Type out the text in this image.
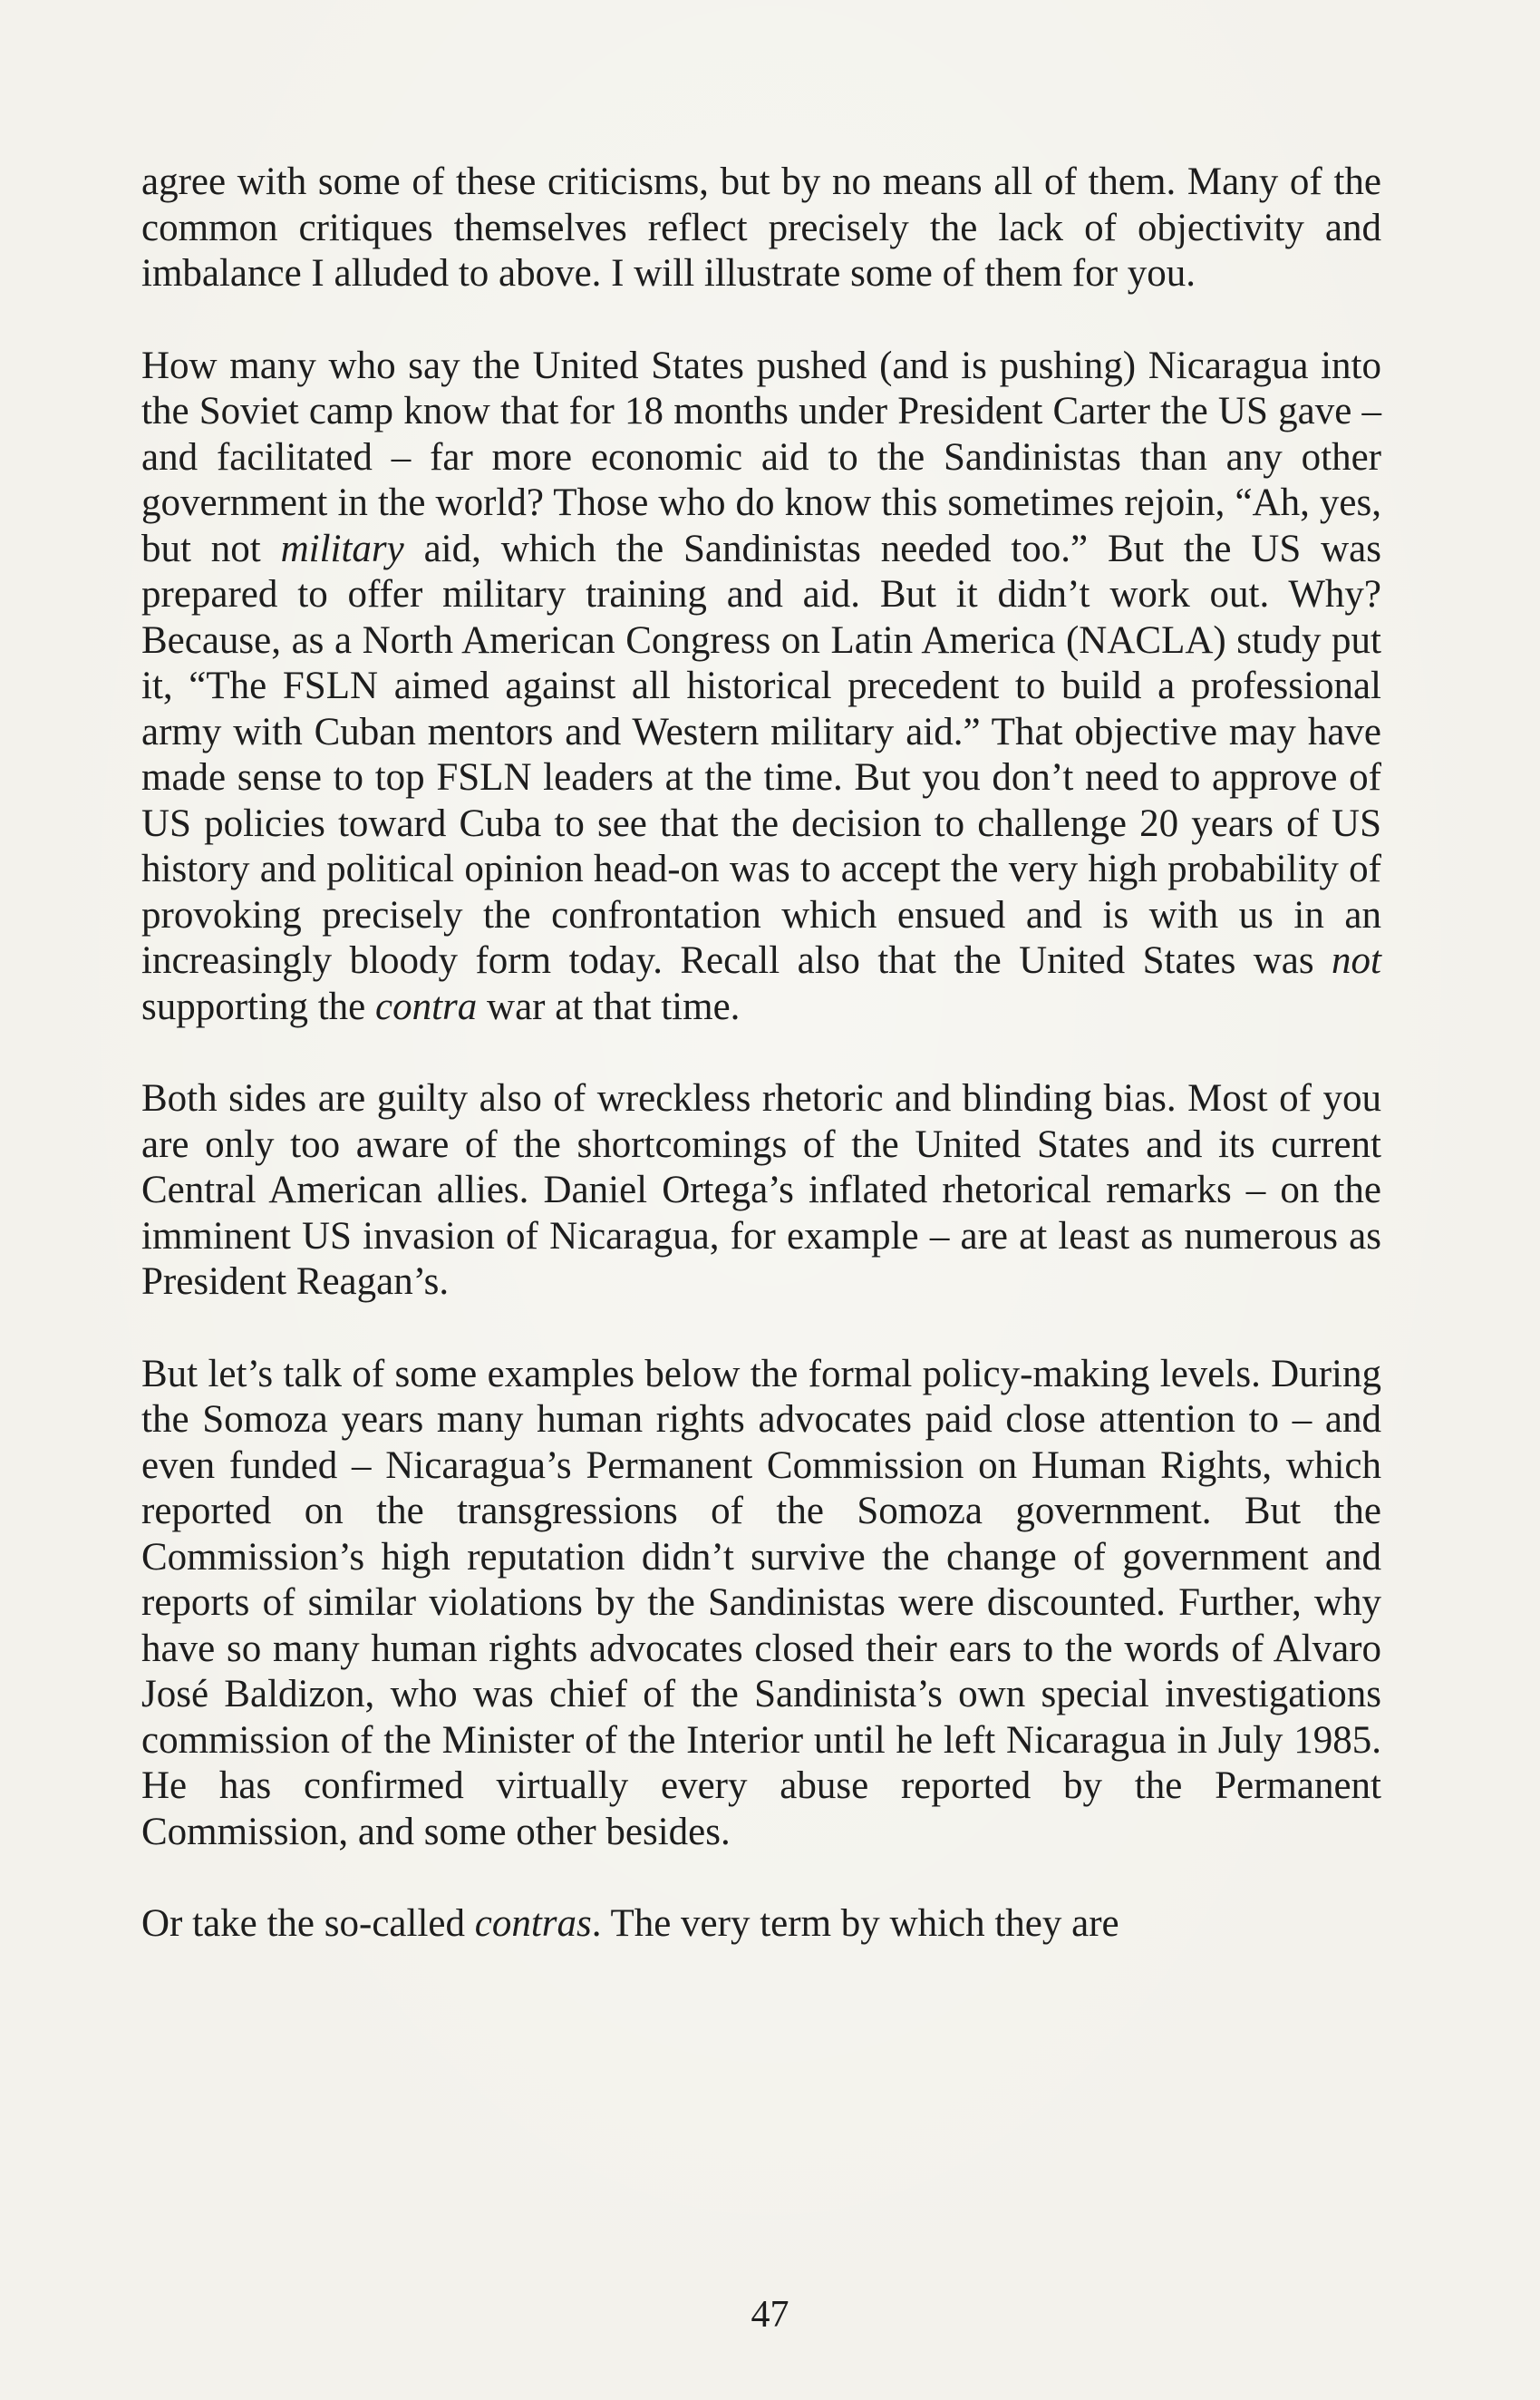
agree with some of these criticisms, but by no means all of them. Many of the common critiques themselves reflect precisely the lack of objectivity and imbalance I alluded to above. I will illustrate some of them for you.

How many who say the United States pushed (and is pushing) Nicaragua into the Soviet camp know that for 18 months under President Carter the US gave – and facilitated – far more economic aid to the Sandinistas than any other government in the world? Those who do know this sometimes rejoin, “Ah, yes, but not military aid, which the Sandinistas needed too.” But the US was prepared to offer military training and aid. But it didn’t work out. Why? Because, as a North American Congress on Latin America (NACLA) study put it, “The FSLN aimed against all historical precedent to build a professional army with Cuban mentors and Western military aid.” That objective may have made sense to top FSLN leaders at the time. But you don’t need to approve of US policies toward Cuba to see that the decision to challenge 20 years of US history and political opinion head-on was to accept the very high probability of provoking precisely the confrontation which ensued and is with us in an increasingly bloody form today. Recall also that the United States was not supporting the contra war at that time.

Both sides are guilty also of wreckless rhetoric and blinding bias. Most of you are only too aware of the shortcomings of the United States and its current Central American allies. Daniel Ortega’s inflated rhetorical remarks – on the imminent US invasion of Nicaragua, for example – are at least as numerous as President Reagan’s.

But let’s talk of some examples below the formal policy-making levels. During the Somoza years many human rights advocates paid close attention to – and even funded – Nicaragua’s Permanent Commission on Human Rights, which reported on the transgressions of the Somoza government. But the Commission’s high reputation didn’t survive the change of government and reports of similar violations by the Sandinistas were discounted. Further, why have so many human rights advocates closed their ears to the words of Alvaro José Baldizon, who was chief of the Sandinista’s own special investigations commission of the Minister of the Interior until he left Nicaragua in July 1985. He has confirmed virtually every abuse reported by the Permanent Commission, and some other besides.

Or take the so-called contras. The very term by which they are

47
